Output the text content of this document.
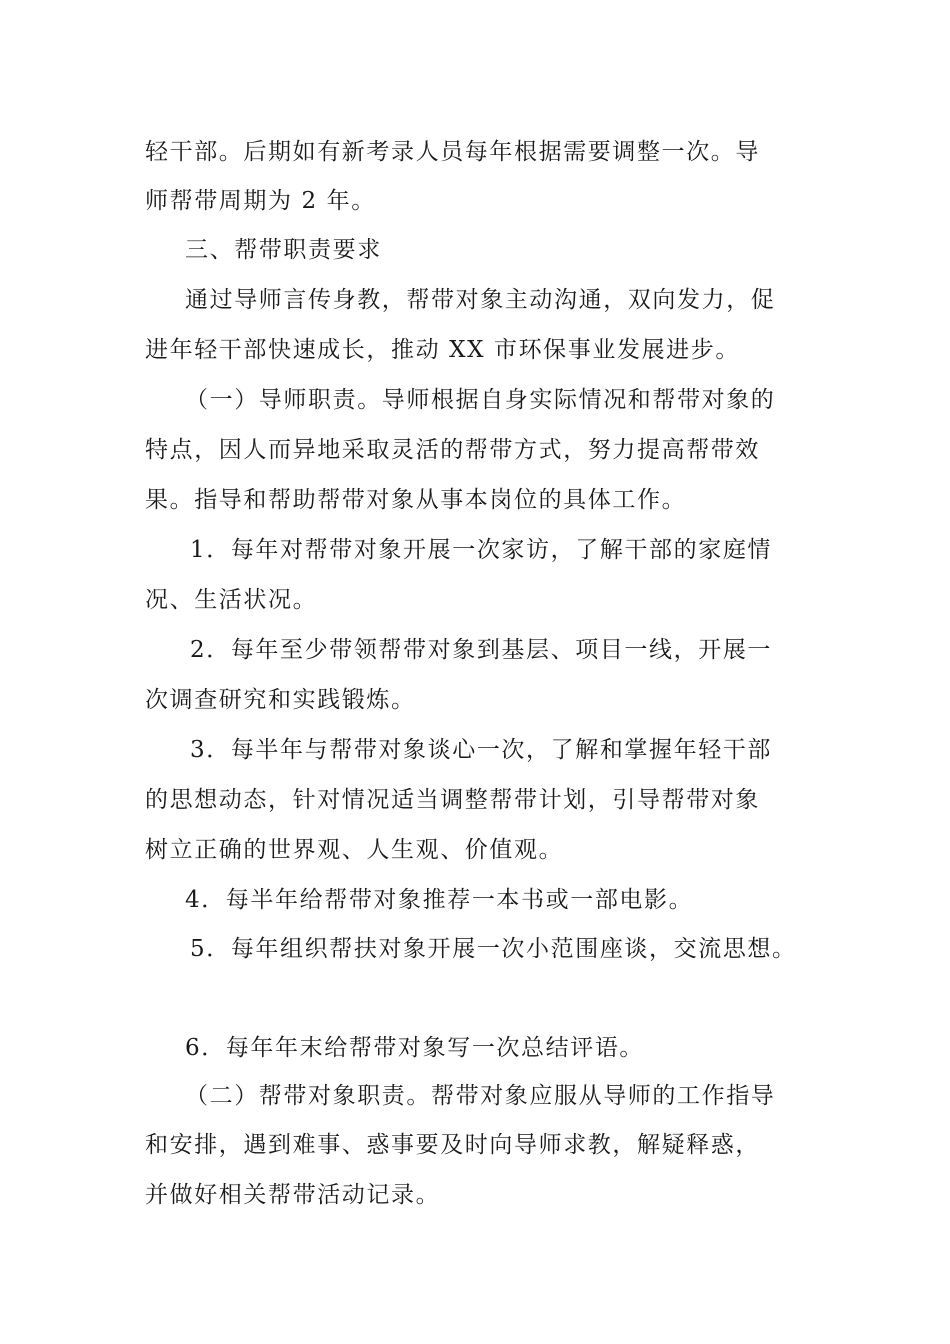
轻干部。后期如有新考录人员每年根据需要调整一次。导

师帮带周期为 2 年。

三、帮带职责要求

通过导师言传身教，帮带对象主动沟通，双向发力，促

进年轻干部快速成长，推动 XX 市环保事业发展进步。

（一）导师职责。导师根据自身实际情况和帮带对象的

特点，因人而异地采取灵活的帮带方式，努力提高帮带效

果。指导和帮助帮带对象从事本岗位的具体工作。

1．每年对帮带对象开展一次家访，了解干部的家庭情

况、生活状况。

2．每年至少带领帮带对象到基层、项目一线，开展一

次调查研究和实践锻炼。

3．每半年与帮带对象谈心一次，了解和掌握年轻干部

的思想动态，针对情况适当调整帮带计划，引导帮带对象

树立正确的世界观、人生观、价值观。

4．每半年给帮带对象推荐一本书或一部电影。

5．每年组织帮扶对象开展一次小范围座谈，交流思想。

6．每年年末给帮带对象写一次总结评语。

（二）帮带对象职责。帮带对象应服从导师的工作指导

和安排，遇到难事、惑事要及时向导师求教，解疑释惑，

并做好相关帮带活动记录。
